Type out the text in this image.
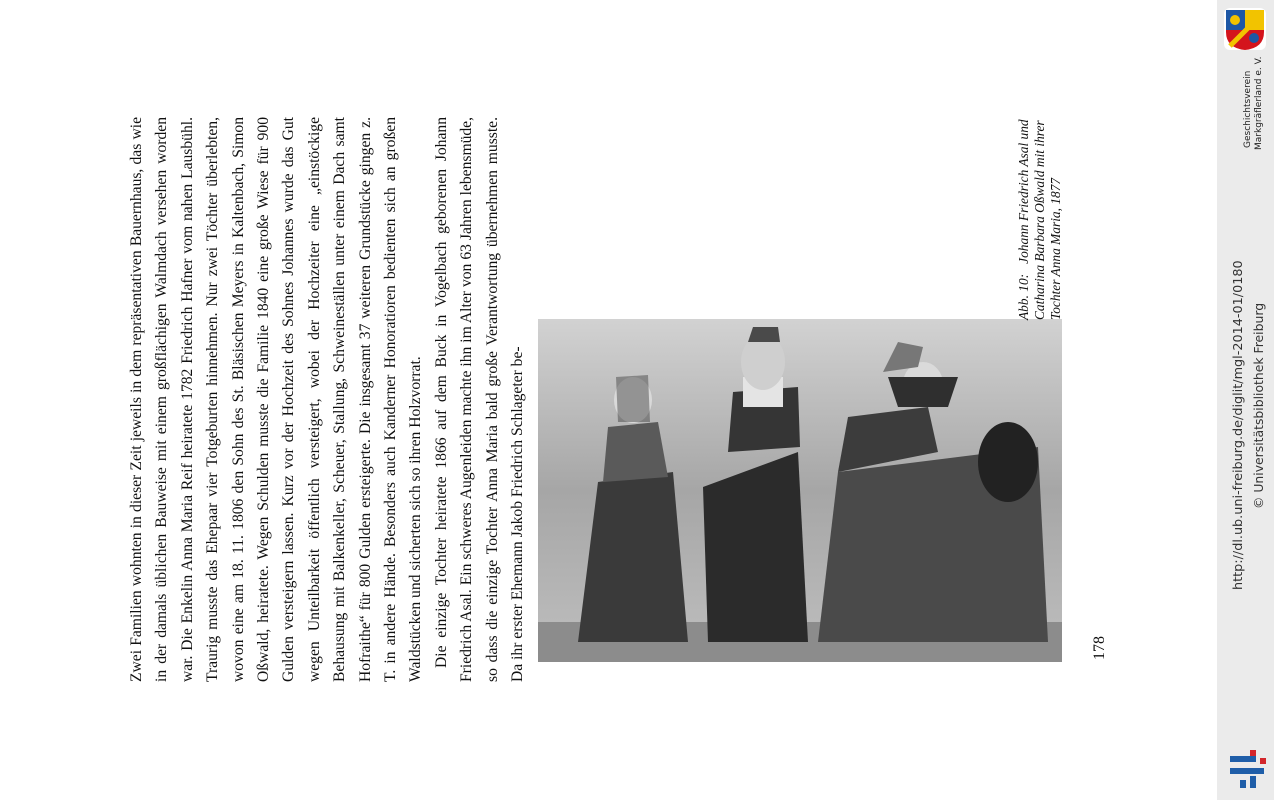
Zwei Familien wohnten in dieser Zeit jeweils in dem repräsentativen Bauernhaus, das wie in der damals üblichen Bauweise mit einem großflächigen Walmdach versehen worden war. Die Enkelin Anna Maria Reif heiratete 1782 Friedrich Hafner vom nahen Lausbühl. Traurig musste das Ehepaar vier Totgeburten hinnehmen. Nur zwei Töchter überlebten, wovon eine am 18. 11. 1806 den Sohn des St. Bläsischen Meyers in Kaltenbach, Simon Oßwald, heiratete. Wegen Schulden musste die Familie 1840 eine große Wiese für 900 Gulden versteigern lassen. Kurz vor der Hochzeit des Sohnes Johannes wurde das Gut wegen Unteilbarkeit öffentlich versteigert, wobei der Hochzeiter eine „einstöckige Behausung mit Balkenkeller, Scheuer, Stallung, Schweineställen unter einem Dach samt Hofraithe“ für 800 Gulden ersteigerte. Die insgesamt 37 weiteren Grundstücke gingen z. T. in andere Hände. Besonders auch Kanderner Honoratioren bedienten sich an großen Waldstücken und sicherten sich so ihren Holzvorrat. Die einzige Tochter heiratete 1866 auf dem Buck in Vogelbach geborenen Johann Friedrich Asal. Ein schweres Augenleiden machte ihn im Alter von 63 Jahren lebensmüde, so dass die einzige Tochter Anna Maria bald große Verantwortung übernehmen musste. Da ihr erster Ehemann Jakob Friedrich Schlageter be-

Abb. 10:   Johann Friedrich Asal und Catharina Barbara Oßwald mit ihrer Tochter Anna Maria, 1877
178
Geschichtsverein Markgräflerland e. V.
http://dl.ub.uni-freiburg.de/diglit/mgl-2014-01/0180 © Universitätsbibliothek Freiburg
